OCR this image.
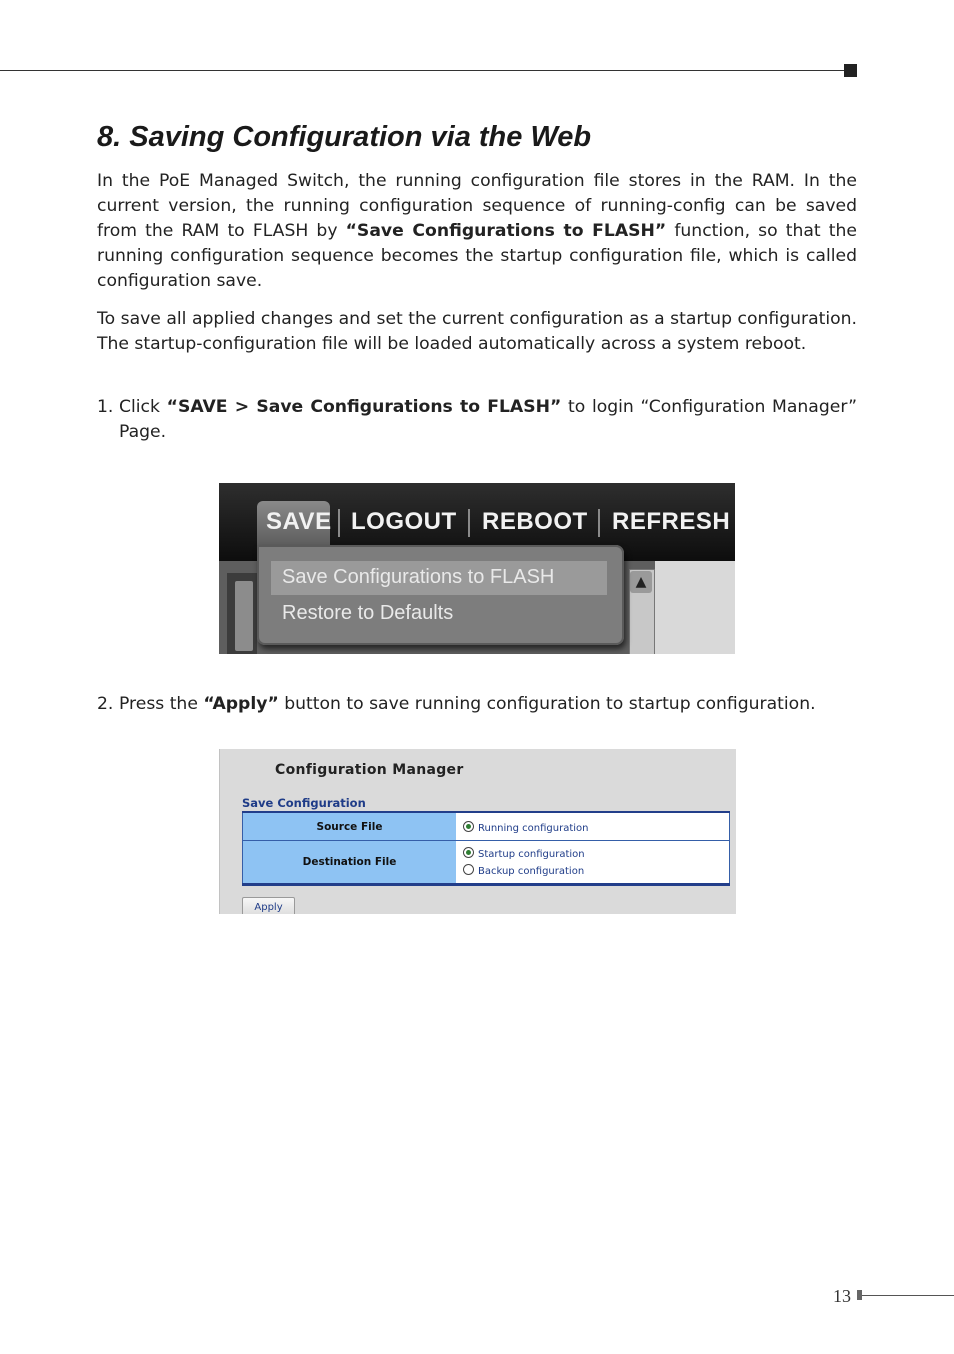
8. Saving Configuration via the Web

In the PoE Managed Switch, the running configuration file stores in the RAM. In the current version, the running configuration sequence of running-config can be saved from the RAM to FLASH by “Save Configurations to FLASH” function, so that the running configuration sequence becomes the startup configuration file, which is called configuration save.

To save all applied changes and set the current configuration as a startup configuration. The startup-configuration file will be loaded automatically across a system reboot.

1. Click “SAVE > Save Configurations to FLASH” to login “Configuration Manager” Page.
▲
SAVE LOGOUT REBOOT REFRESH
Save Configurations to FLASH
Restore to Defaults
2. Press the “Apply” button to save running configuration to startup configuration.
Configuration Manager
Save Configuration
Source File	Running configuration
Destination File
Startup configuration
Backup configuration
Apply
13
